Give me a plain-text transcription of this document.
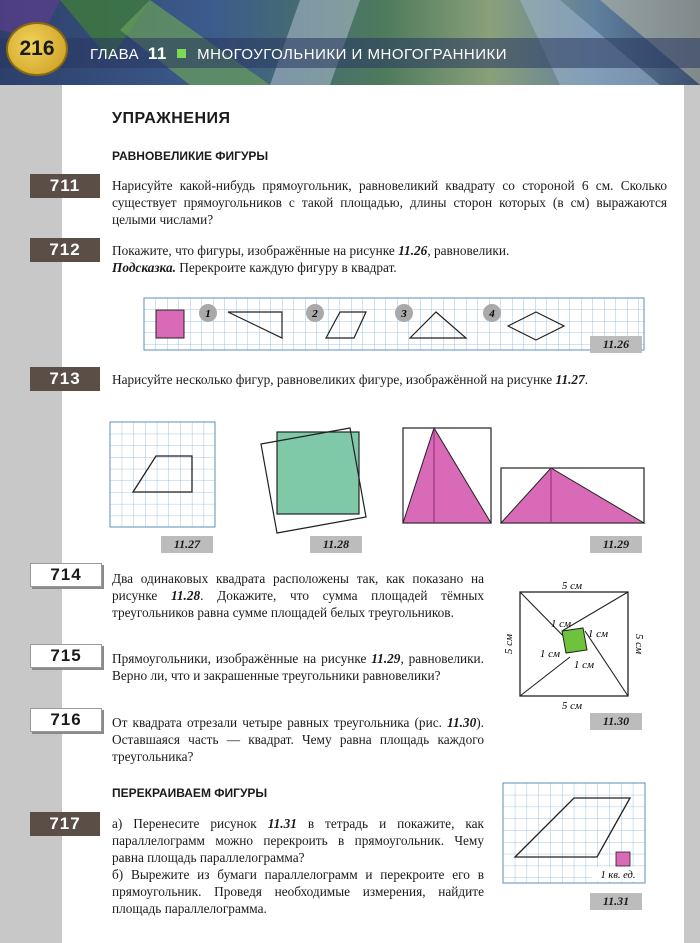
216	ГЛАВА 11 МНОГОУГОЛЬНИКИ И МНОГОГРАННИКИ
УПРАЖНЕНИЯ
РАВНОВЕЛИКИЕ ФИГУРЫ
711	Нарисуйте какой-нибудь прямоугольник, равновеликий квадрату со стороной 6 см. Сколько существует прямоугольников с такой площадью, длины сторон которых (в см) выражаются целыми числами?
712	Покажите, что фигуры, изображённые на рисунке 11.26, равновелики.
Подсказка. Перекроите каждую фигуру в квадрат.
1	2	3	4
11.26
713	Нарисуйте несколько фигур, равновеликих фигуре, изображённой на рисунке 11.27.
11.27	11.28	11.29
714	Два одинаковых квадрата расположены так, как показано на рисунке 11.28. Докажите, что сумма площадей тёмных треугольников равна сумме площадей белых треугольников.
715	Прямоугольники, изображённые на рисунке 11.29, равновелики. Верно ли, что и закрашенные треугольники равновелики?
716	От квадрата отрезали четыре равных треугольника (рис. 11.30). Оставшаяся часть — квадрат. Чему равна площадь каждого треугольника?
5 см
5 см
5 см	5 см
1 см
1 см
1 см
1 см
11.30
ПЕРЕКРАИВАЕМ ФИГУРЫ
717	а) Перенесите рисунок 11.31 в тетрадь и покажите, как параллелограмм можно перекроить в прямоугольник. Чему равна площадь параллелограмма?
б) Вырежите из бумаги параллелограмм и перекроите его в прямоугольник. Проведя необходимые измерения, найдите площадь параллелограмма.
1 кв. ед.
11.31
